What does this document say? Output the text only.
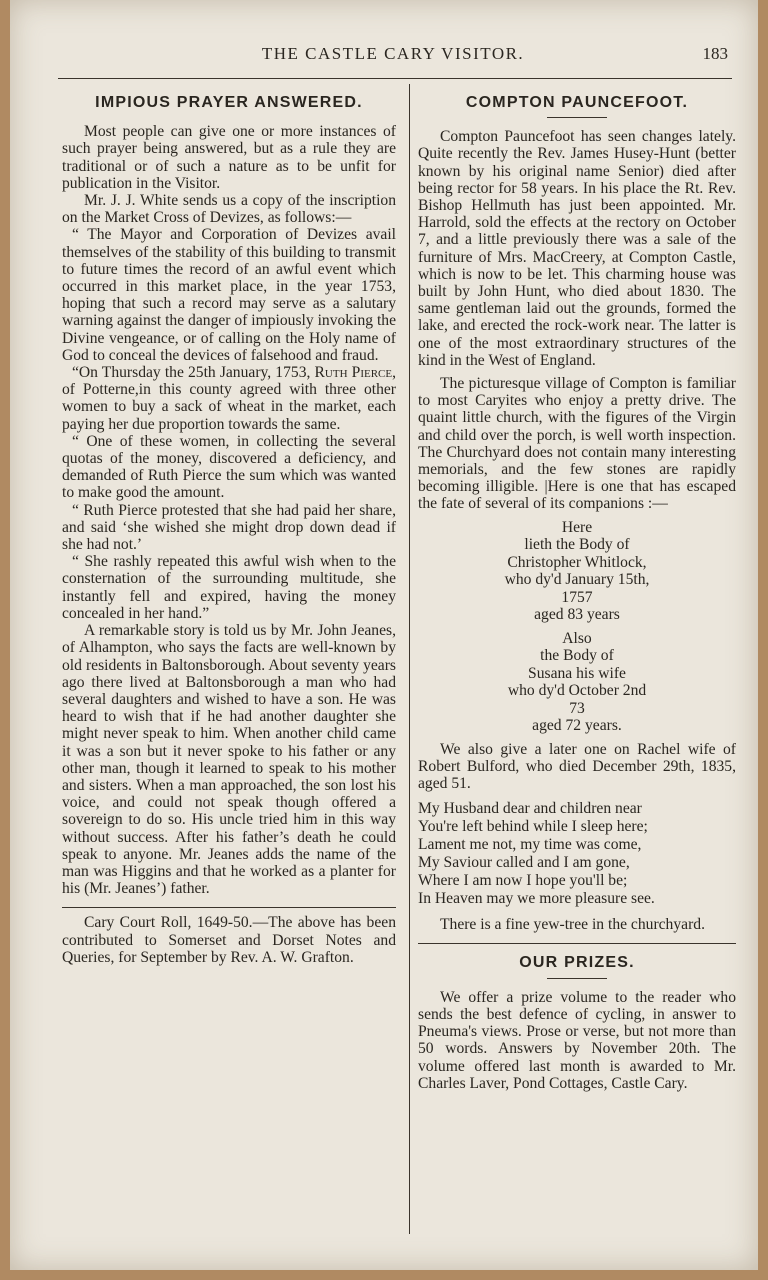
THE CASTLE CARY VISITOR.	183
IMPIOUS PRAYER ANSWERED.

Most people can give one or more instances of such prayer being answered, but as a rule they are traditional or of such a nature as to be unfit for publication in the Visitor.

Mr. J. J. White sends us a copy of the inscription on the Market Cross of Devizes, as follows:—

“ The Mayor and Corporation of Devizes avail themselves of the stability of this building to transmit to future times the record of an awful event which occurred in this market place, in the year 1753, hoping that such a record may serve as a salutary warning against the danger of impiously invoking the Divine vengeance, or of calling on the Holy name of God to conceal the devices of falsehood and fraud.

“On Thursday the 25th January, 1753, Ruth Pierce, of Potterne,in this county agreed with three other women to buy a sack of wheat in the market, each paying her due proportion towards the same.

“ One of these women, in collecting the several quotas of the money, discovered a deficiency, and demanded of Ruth Pierce the sum which was wanted to make good the amount.

“ Ruth Pierce protested that she had paid her share, and said ‘she wished she might drop down dead if she had not.’

“ She rashly repeated this awful wish when to the consternation of the surrounding multitude, she instantly fell and expired, having the money concealed in her hand.”

A remarkable story is told us by Mr. John Jeanes, of Alhampton, who says the facts are well-known by old residents in Baltonsborough. About seventy years ago there lived at Baltonsborough a man who had several daughters and wished to have a son. He was heard to wish that if he had another daughter she might never speak to him. When another child came it was a son but it never spoke to his father or any other man, though it learned to speak to his mother and sisters. When a man approached, the son lost his voice, and could not speak though offered a sovereign to do so. His uncle tried him in this way without success. After his father’s death he could speak to anyone. Mr. Jeanes adds the name of the man was Higgins and that he worked as a planter for his (Mr. Jeanes’) father.

Cary Court Roll, 1649-50.—The above has been contributed to Somerset and Dorset Notes and Queries, for September by Rev. A. W. Grafton.

COMPTON PAUNCEFOOT.

Compton Pauncefoot has seen changes lately. Quite recently the Rev. James Husey-Hunt (better known by his original name Senior) died after being rector for 58 years. In his place the Rt. Rev. Bishop Hellmuth has just been appointed. Mr. Harrold, sold the effects at the rectory on October 7, and a little previously there was a sale of the furniture of Mrs. MacCreery, at Compton Castle, which is now to be let. This charming house was built by John Hunt, who died about 1830. The same gentleman laid out the grounds, formed the lake, and erected the rock-work near. The latter is one of the most extraordinary structures of the kind in the West of England.

The picturesque village of Compton is familiar to most Caryites who enjoy a pretty drive. The quaint little church, with the figures of the Virgin and child over the porch, is well worth inspection. The Churchyard does not contain many interesting memorials, and the few stones are rapidly becoming illigible. |Here is one that has escaped the fate of several of its companions :—

Here
lieth the Body of
Christopher Whitlock,
who dy'd January 15th,
1757
aged 83 years
Also
the Body of
Susana his wife
who dy'd October 2nd
73
aged 72 years.

We also give a later one on Rachel wife of Robert Bulford, who died December 29th, 1835, aged 51.

My Husband dear and children near
You're left behind while I sleep here;
Lament me not, my time was come,
My Saviour called and I am gone,
Where I am now I hope you'll be;
In Heaven may we more pleasure see.

There is a fine yew-tree in the churchyard.

OUR PRIZES.

We offer a prize volume to the reader who sends the best defence of cycling, in answer to Pneuma's views. Prose or verse, but not more than 50 words. Answers by November 20th. The volume offered last month is awarded to Mr. Charles Laver, Pond Cottages, Castle Cary.
